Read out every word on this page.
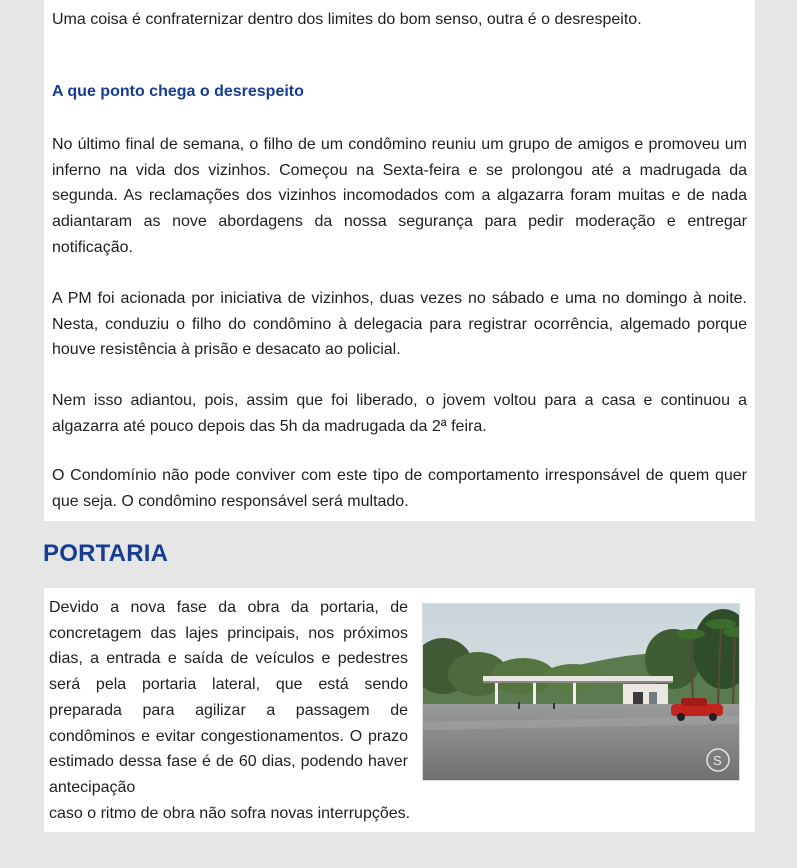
Uma coisa é confraternizar dentro dos limites do bom senso, outra é o desrespeito.

A que ponto chega o desrespeito

No último final de semana, o filho de um condômino reuniu um grupo de amigos e promoveu um inferno na vida dos vizinhos. Começou na Sexta-feira e se prolongou até a madrugada da segunda. As reclamações dos vizinhos incomodados com a algazarra foram muitas e de nada adiantaram as nove abordagens da nossa segurança para pedir moderação e entregar notificação.

A PM foi acionada por iniciativa de vizinhos, duas vezes no sábado e uma no domingo à noite. Nesta, conduziu o filho do condômino à delegacia para registrar ocorrência, algemado porque houve resistência à prisão e desacato ao policial.

Nem isso adiantou, pois, assim que foi liberado, o jovem voltou para a casa e continuou a algazarra até pouco depois das 5h da madrugada da 2ª feira.

O Condomínio não pode conviver com este tipo de comportamento irresponsável de quem quer que seja. O condômino responsável será multado.

PORTARIA

Devido a nova fase da obra da portaria, de concretagem das lajes principais, nos próximos dias, a entrada e saída de veículos e pedestres será pela portaria lateral, que está sendo preparada para agilizar a passagem de condôminos e evitar congestionamentos. O prazo estimado dessa fase é de 60 dias, podendo haver antecipação

S

caso o ritmo de obra não sofra novas interrupções.
